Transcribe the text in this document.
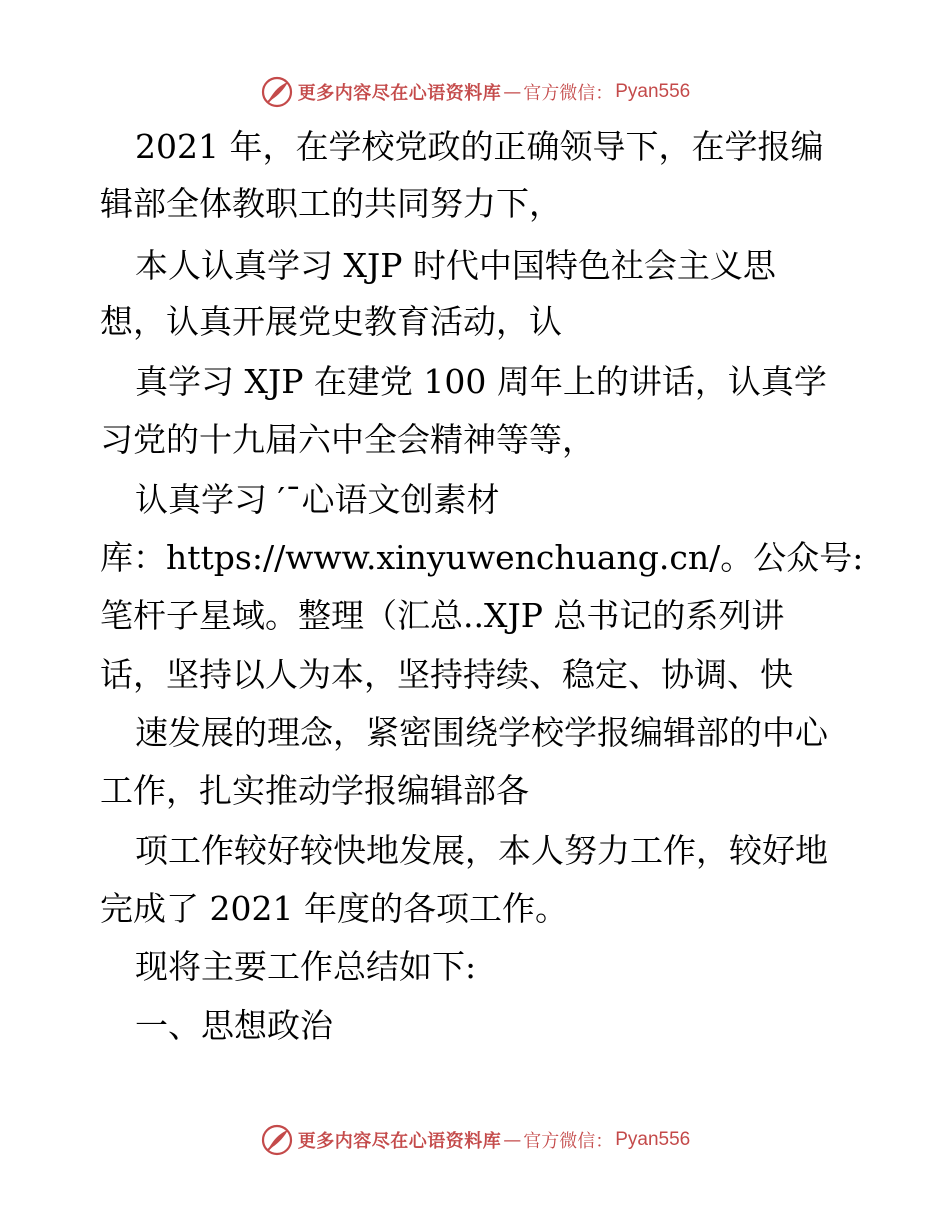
更多内容尽在心语资料库 — 官方微信： Pyan556
2021 年，在学校党政的正确领导下，在学报编
辑部全体教职工的共同努力下，
本人认真学习 XJP 时代中国特色社会主义思
想，认真开展党史教育活动，认
真学习 XJP 在建党 100 周年上的讲话，认真学
习党的十九届六中全会精神等等，
认真学习 ′¯心语文创素材
库：https://www.xinyuwenchuang.cn/。公众号:
笔杆子星域。整理（汇总..XJP 总书记的系列讲
话，坚持以人为本，坚持持续、稳定、协调、快
速发展的理念，紧密围绕学校学报编辑部的中心
工作，扎实推动学报编辑部各
项工作较好较快地发展，本人努力工作，较好地
完成了 2021 年度的各项工作。
现将主要工作总结如下:
一、思想政治
更多内容尽在心语资料库 — 官方微信： Pyan556
